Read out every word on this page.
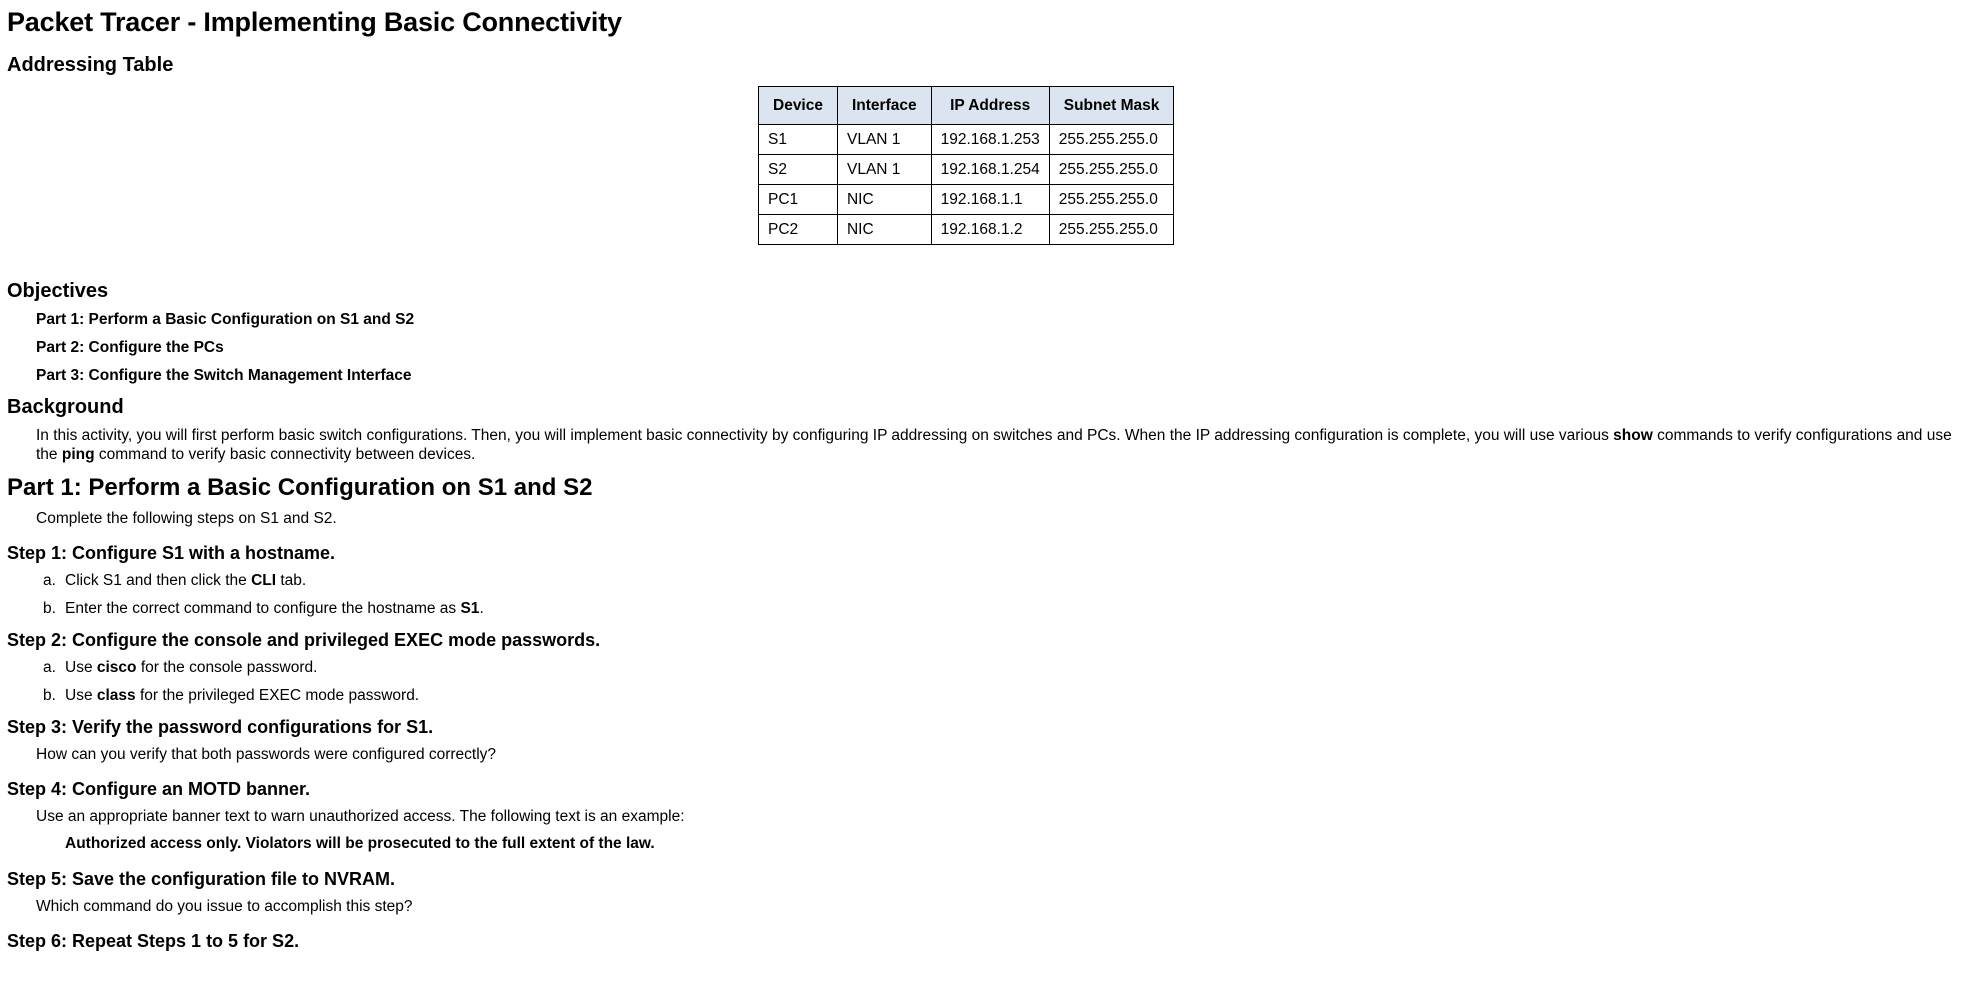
Packet Tracer - Implementing Basic Connectivity
Addressing Table
Device	Interface	IP Address	Subnet Mask
S1	VLAN 1	192.168.1.253	255.255.255.0
S2	VLAN 1	192.168.1.254	255.255.255.0
PC1	NIC	192.168.1.1	255.255.255.0
PC2	NIC	192.168.1.2	255.255.255.0
Objectives
Part 1: Perform a Basic Configuration on S1 and S2
Part 2: Configure the PCs
Part 3: Configure the Switch Management Interface
Background
In this activity, you will first perform basic switch configurations. Then, you will implement basic connectivity by configuring IP addressing on switches and PCs. When the IP addressing configuration is complete, you will use various show commands to verify configurations and use the ping command to verify basic connectivity between devices.
Part 1: Perform a Basic Configuration on S1 and S2
Complete the following steps on S1 and S2.
Step 1: Configure S1 with a hostname.
a. Click S1 and then click the CLI tab.
b. Enter the correct command to configure the hostname as S1.
Step 2: Configure the console and privileged EXEC mode passwords.
a. Use cisco for the console password.
b. Use class for the privileged EXEC mode password.
Step 3: Verify the password configurations for S1.
How can you verify that both passwords were configured correctly?
Step 4: Configure an MOTD banner.
Use an appropriate banner text to warn unauthorized access. The following text is an example:
Authorized access only. Violators will be prosecuted to the full extent of the law.
Step 5: Save the configuration file to NVRAM.
Which command do you issue to accomplish this step?
Step 6: Repeat Steps 1 to 5 for S2.
